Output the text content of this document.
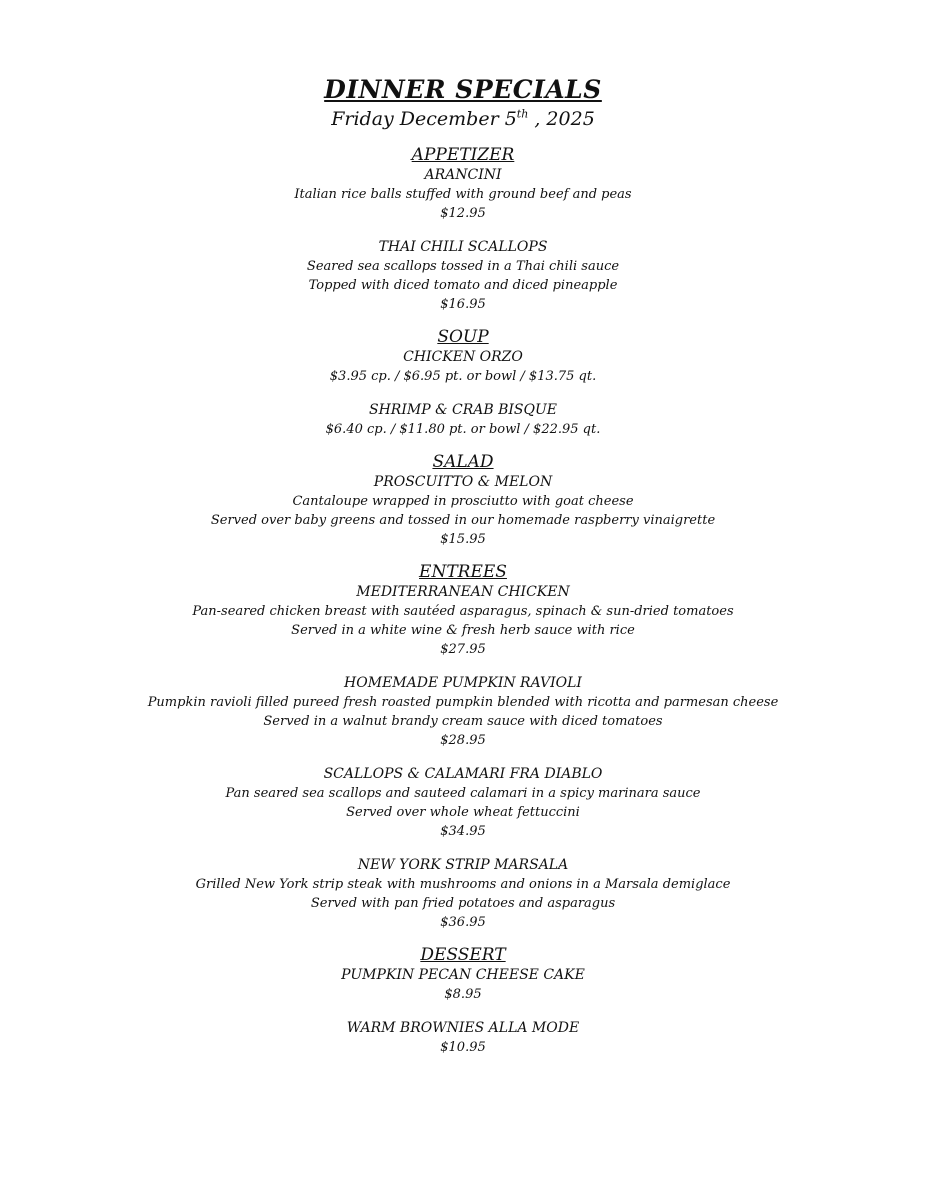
DINNER SPECIALS
Friday December 5th , 2025
APPETIZER
ARANCINI
Italian rice balls stuffed with ground beef and peas
$12.95
THAI CHILI SCALLOPS
Seared sea scallops tossed in a Thai chili sauce
Topped with diced tomato and diced pineapple
$16.95
SOUP
CHICKEN ORZO
$3.95 cp. / $6.95 pt. or bowl / $13.75 qt.
SHRIMP & CRAB BISQUE
$6.40 cp. / $11.80 pt. or bowl / $22.95 qt.
SALAD
PROSCUITTO & MELON
Cantaloupe wrapped in prosciutto with goat cheese
Served over baby greens and tossed in our homemade raspberry vinaigrette
$15.95
ENTREES
MEDITERRANEAN CHICKEN
Pan-seared chicken breast with sautéed asparagus, spinach & sun-dried tomatoes
Served in a white wine & fresh herb sauce with rice
$27.95
HOMEMADE PUMPKIN RAVIOLI
Pumpkin ravioli filled pureed fresh roasted pumpkin blended with ricotta and parmesan cheese
Served in a walnut brandy cream sauce with diced tomatoes
$28.95
SCALLOPS & CALAMARI FRA DIABLO
Pan seared sea scallops and sauteed calamari in a spicy marinara sauce
Served over whole wheat fettuccini
$34.95
NEW YORK STRIP MARSALA
Grilled New York strip steak with mushrooms and onions in a Marsala demiglace
Served with pan fried potatoes and asparagus
$36.95
DESSERT
PUMPKIN PECAN CHEESE CAKE
$8.95
WARM BROWNIES ALLA MODE
$10.95
